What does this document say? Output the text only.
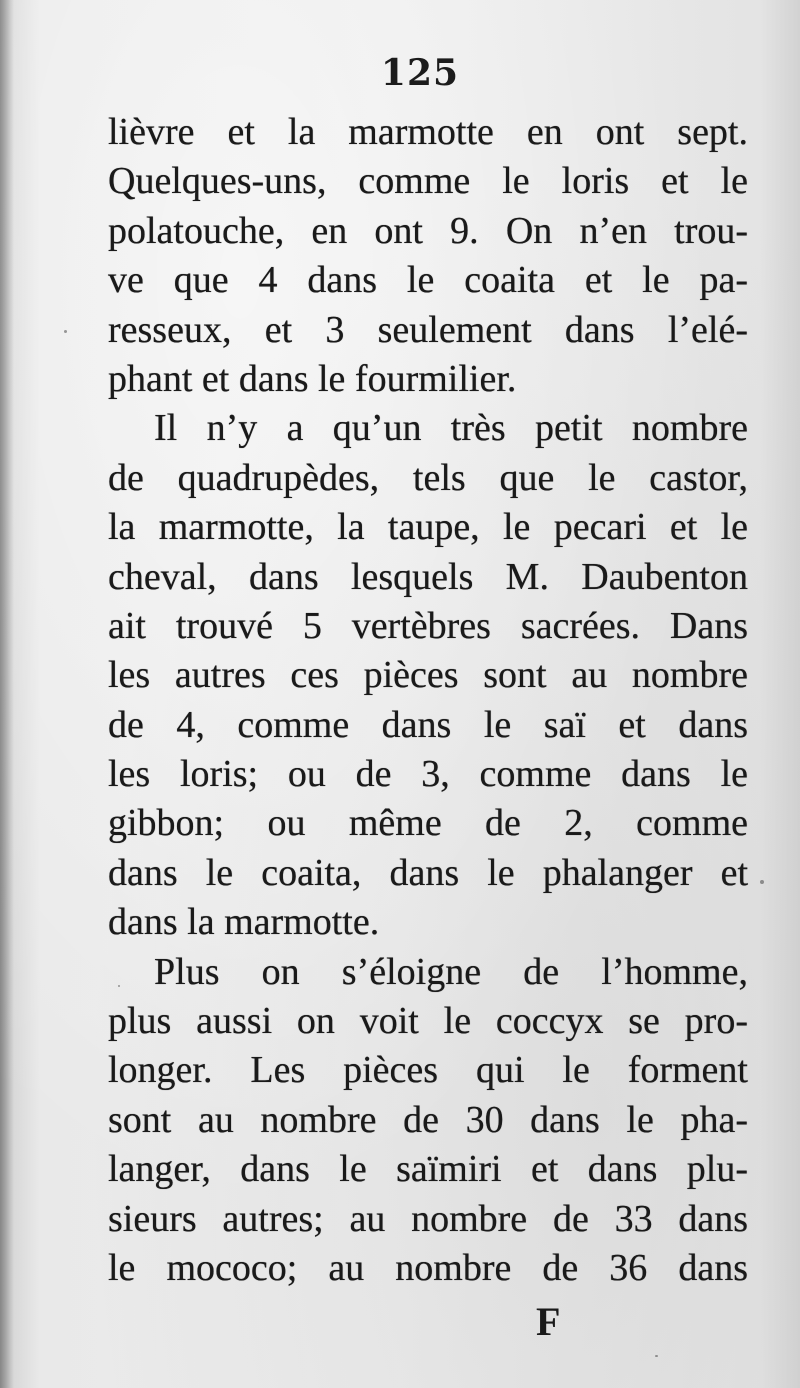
125
lièvre et la marmotte en ont sept.
Quelques-uns, comme le loris et le
polatouche, en ont 9. On n’en trou-
ve que 4 dans le coaita et le pa-
resseux, et 3 seulement dans l’elé-
phant et dans le fourmilier.
Il n’y a qu’un très petit nombre
de quadrupèdes, tels que le castor,
la marmotte, la taupe, le pecari et le
cheval, dans lesquels M. Daubenton
ait trouvé 5 vertèbres sacrées. Dans
les autres ces pièces sont au nombre
de 4, comme dans le saï et dans
les loris; ou de 3, comme dans le
gibbon; ou même de 2, comme
dans le coaita, dans le phalanger et
dans la marmotte.
Plus on s’éloigne de l’homme,
plus aussi on voit le coccyx se pro-
longer. Les pièces qui le forment
sont au nombre de 30 dans le pha-
langer, dans le saïmiri et dans plu-
sieurs autres; au nombre de 33 dans
le mococo; au nombre de 36 dans
F
